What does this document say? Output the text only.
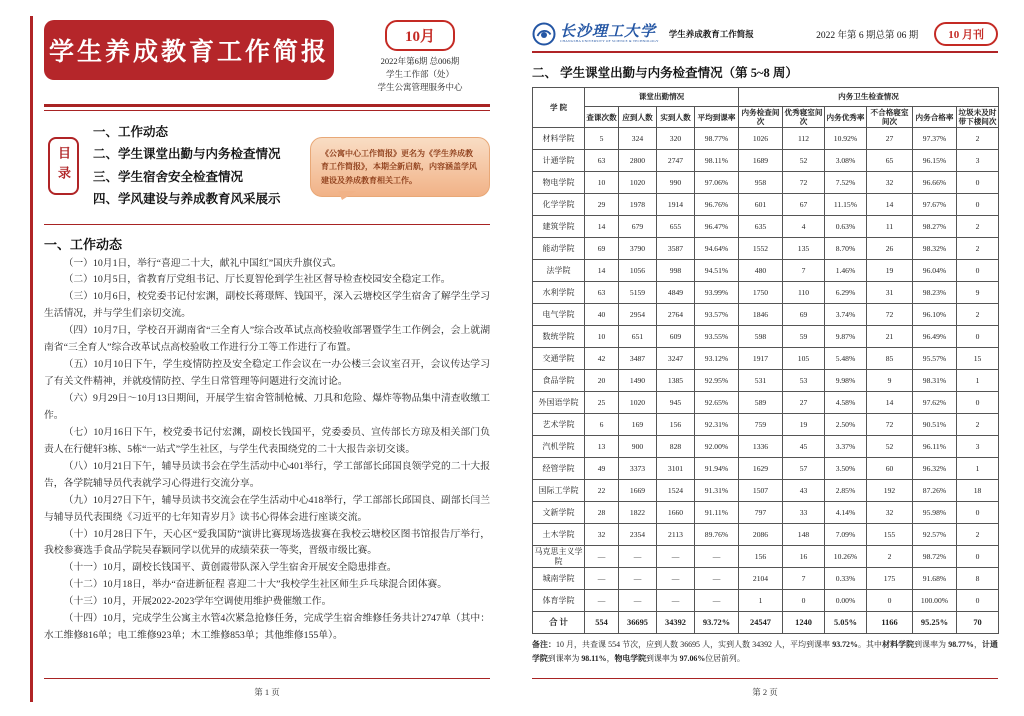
学生养成教育工作简报	10月
2022年第6期 总006期
学生工作部（处）
学生公寓管理服务中心
目录
一、工作动态
二、学生课堂出勤与内务检查情况
三、学生宿舍安全检查情况
四、学风建设与养成教育风采展示
《公寓中心工作简报》更名为《学生养成教育工作简报》，本期全新启航，内容涵盖学风建设及养成教育相关工作。
一、工作动态

（一）10月1日，举行“喜迎二十大，献礼中国红”国庆升旗仪式。

（二）10月5日，省教育厅党组书记、厅长夏智伦到学生社区督导检查校园安全稳定工作。

（三）10月6日，校党委书记付宏渊，副校长蒋璟辉、钱国平，深入云塘校区学生宿舍了解学生学习生活情况，并与学生们亲切交流。

（四）10月7日，学校召开湖南省“三全育人”综合改革试点高校验收部署暨学生工作例会，会上就湖南省“三全育人”综合改革试点高校验收工作进行分工等工作进行了布置。

（五）10月10日下午，学生疫情防控及安全稳定工作会议在一办公楼三会议室召开，会议传达学习了有关文件精神，并就疫情防控、学生日常管理等问题进行交流讨论。

（六）9月29日～10月13日期间，开展学生宿舍管制枪械、刀具和危险、爆炸等物品集中清查收缴工作。

（七）10月16日下午，校党委书记付宏渊，副校长钱国平，党委委员、宣传部长方琼及相关部门负责人在行健轩3栋、5栋“一站式”学生社区，与学生代表围绕党的二十大报告亲切交谈。

（八）10月21日下午，辅导员读书会在学生活动中心401举行，学工部部长邱国良领学党的二十大报告，各学院辅导员代表就学习心得进行交流分享。

（九）10月27日下午，辅导员读书交流会在学生活动中心418举行，学工部部长邱国良、副部长闫兰与辅导员代表围绕《习近平的七年知青岁月》读书心得体会进行座谈交流。

（十）10月28日下午，天心区“爱我国防”演讲比赛现场选拔赛在我校云塘校区图书馆报告厅举行，我校参赛选手食品学院吴春颖同学以优异的成绩荣获一等奖，晋级市级比赛。

（十一）10月，副校长钱国平、黄创霞带队深入学生宿舍开展安全隐患排查。

（十二）10月18日，举办“奋进新征程 喜迎二十大”我校学生社区师生乒乓球混合团体赛。

（十三）10月，开展2022-2023学年空调使用维护费催缴工作。

（十四）10月，完成学生公寓主水管4次紧急抢修任务，完成学生宿舍维修任务共计2747单（其中：水工维修816单；电工维修923单；木工维修853单；其他维修155单）。

第 1 页
长沙理工大学
CHANGSHA UNIVERSITY OF SCIENCE & TECHNOLOGY
学生养成教育工作简报	2022 年第 6 期总第 06 期	10 月刊
二、 学生课堂出勤与内务检查情况（第 5~8 周）
学 院	课堂出勤情况				内务卫生检查情况					
	查课次数	应到人数	实到人数	平均到课率	内务检查间次	优秀寝室间次	内务优秀率	不合格寝室间次	内务合格率	垃圾未及时带下楼间次
材料学院	5	324	320	98.77%	1026	112	10.92%	27	97.37%	2
计通学院	63	2800	2747	98.11%	1689	52	3.08%	65	96.15%	3
物电学院	10	1020	990	97.06%	958	72	7.52%	32	96.66%	0
化学学院	29	1978	1914	96.76%	601	67	11.15%	14	97.67%	0
建筑学院	14	679	655	96.47%	635	4	0.63%	11	98.27%	2
能动学院	69	3790	3587	94.64%	1552	135	8.70%	26	98.32%	2
法学院	14	1056	998	94.51%	480	7	1.46%	19	96.04%	0
水利学院	63	5159	4849	93.99%	1750	110	6.29%	31	98.23%	9
电气学院	40	2954	2764	93.57%	1846	69	3.74%	72	96.10%	2
数统学院	10	651	609	93.55%	598	59	9.87%	21	96.49%	0
交通学院	42	3487	3247	93.12%	1917	105	5.48%	85	95.57%	15
食品学院	20	1490	1385	92.95%	531	53	9.98%	9	98.31%	1
外国语学院	25	1020	945	92.65%	589	27	4.58%	14	97.62%	0
艺术学院	6	169	156	92.31%	759	19	2.50%	72	90.51%	2
汽机学院	13	900	828	92.00%	1336	45	3.37%	52	96.11%	3
经管学院	49	3373	3101	91.94%	1629	57	3.50%	60	96.32%	1
国际工学院	22	1669	1524	91.31%	1507	43	2.85%	192	87.26%	18
文新学院	28	1822	1660	91.11%	797	33	4.14%	32	95.98%	0
土木学院	32	2354	2113	89.76%	2086	148	7.09%	155	92.57%	2
马克思主义学院	—	—	—	—	156	16	10.26%	2	98.72%	0
城南学院	—	—	—	—	2104	7	0.33%	175	91.68%	8
体育学院	—	—	—	—	1	0	0.00%	0	100.00%	0
合 计	554	36695	34392	93.72%	24547	1240	5.05%	1166	95.25%	70
备注：10 月，共查课 554 节次，应到人数 36695 人，实到人数 34392 人，平均到课率 93.72%。其中材料学院到课率为 98.77%，计通学院到课率为 98.11%，物电学院到课率为 97.06%位居前列。
第 2 页
